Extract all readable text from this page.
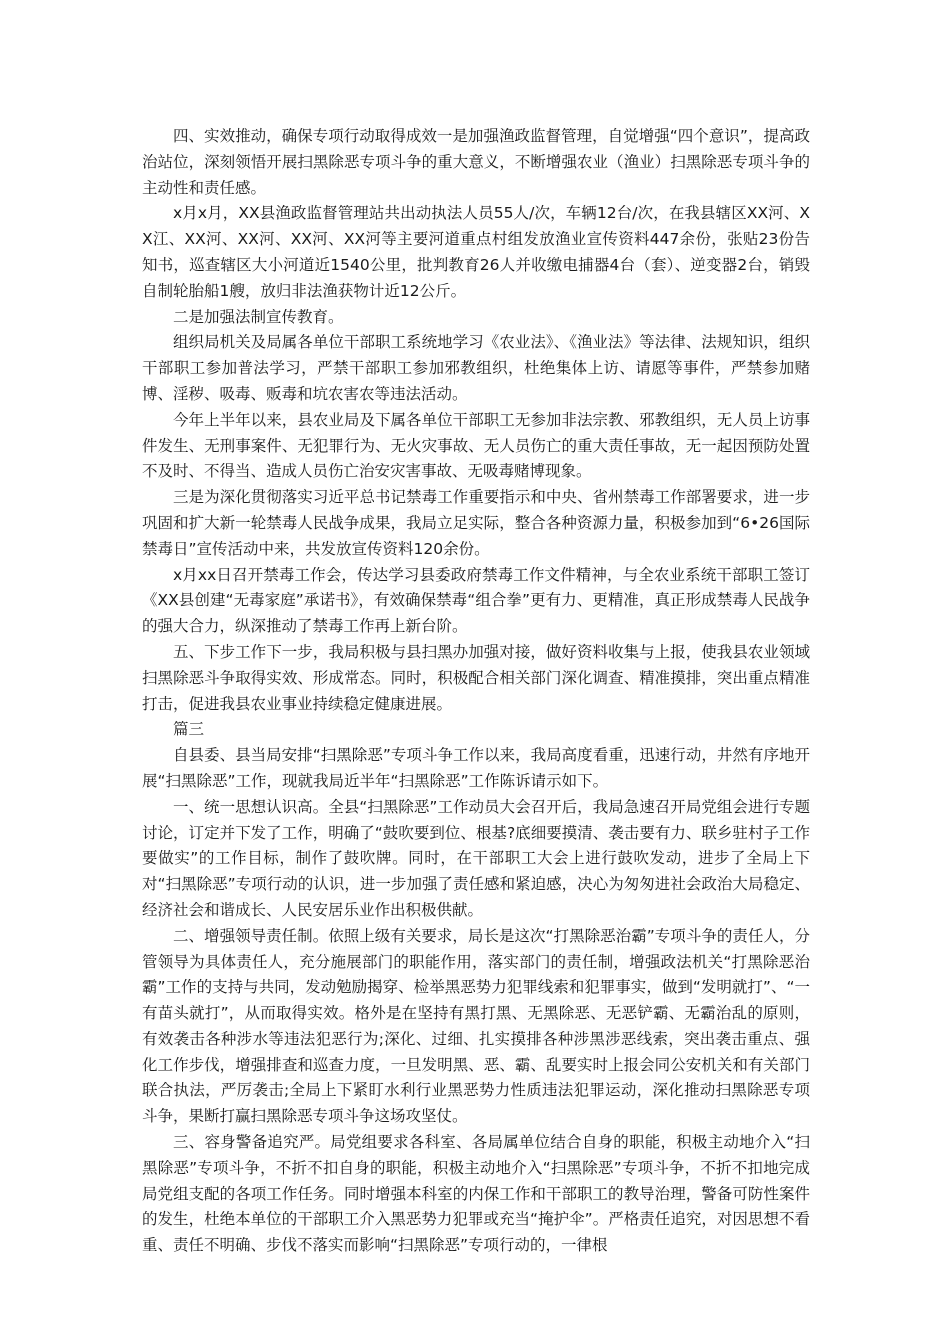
四、实效推动，确保专项行动取得成效一是加强渔政监督管理，自觉增强“四个意识”，提高政治站位，深刻领悟开展扫黑除恶专项斗争的重大意义，不断增强农业（渔业）扫黑除恶专项斗争的主动性和责任感。

x月x月，XX县渔政监督管理站共出动执法人员55人/次，车辆12台/次，在我县辖区XX河、XX江、XX河、XX河、XX河、XX河等主要河道重点村组发放渔业宣传资料447余份，张贴23份告知书，巡查辖区大小河道近1540公里，批判教育26人并收缴电捕器4台（套）、逆变器2台，销毁自制轮胎船1艘，放归非法渔获物计近12公斤。

二是加强法制宣传教育。

组织局机关及局属各单位干部职工系统地学习《农业法》、《渔业法》等法律、法规知识，组织干部职工参加普法学习，严禁干部职工参加邪教组织，杜绝集体上访、请愿等事件，严禁参加赌博、淫秽、吸毒、贩毒和坑农害农等违法活动。

今年上半年以来，县农业局及下属各单位干部职工无参加非法宗教、邪教组织，无人员上访事件发生、无刑事案件、无犯罪行为、无火灾事故、无人员伤亡的重大责任事故，无一起因预防处置不及时、不得当、造成人员伤亡治安灾害事故、无吸毒赌博现象。

三是为深化贯彻落实习近平总书记禁毒工作重要指示和中央、省州禁毒工作部署要求，进一步巩固和扩大新一轮禁毒人民战争成果，我局立足实际，整合各种资源力量，积极参加到“6•26国际禁毒日”宣传活动中来，共发放宣传资料120余份。

x月xx日召开禁毒工作会，传达学习县委政府禁毒工作文件精神，与全农业系统干部职工签订《XX县创建“无毒家庭”承诺书》，有效确保禁毒“组合拳”更有力、更精准，真正形成禁毒人民战争的强大合力，纵深推动了禁毒工作再上新台阶。

五、下步工作下一步，我局积极与县扫黑办加强对接，做好资料收集与上报，使我县农业领域扫黑除恶斗争取得实效、形成常态。同时，积极配合相关部门深化调查、精准摸排，突出重点精准打击，促进我县农业事业持续稳定健康进展。

篇三

自县委、县当局安排“扫黑除恶”专项斗争工作以来，我局高度看重，迅速行动，井然有序地开展“扫黑除恶”工作，现就我局近半年“扫黑除恶”工作陈诉请示如下。

一、统一思想认识高。全县“扫黑除恶”工作动员大会召开后，我局急速召开局党组会进行专题讨论，订定并下发了工作，明确了“鼓吹要到位、根基?底细要摸清、袭击要有力、联乡驻村子工作要做实”的工作目标，制作了鼓吹牌。同时，在干部职工大会上进行鼓吹发动，进步了全局上下对“扫黑除恶”专项行动的认识，进一步加强了责任感和紧迫感，决心为匆匆进社会政治大局稳定、经济社会和谐成长、人民安居乐业作出积极供献。

二、增强领导责任制。依照上级有关要求，局长是这次“打黑除恶治霸”专项斗争的责任人，分管领导为具体责任人，充分施展部门的职能作用，落实部门的责任制，增强政法机关“打黑除恶治霸”工作的支持与共同，发动勉励揭穿、检举黑恶势力犯罪线索和犯罪事实，做到“发明就打”、“一有苗头就打”，从而取得实效。格外是在坚持有黑打黑、无黑除恶、无恶铲霸、无霸治乱的原则，有效袭击各种涉水等违法犯恶行为;深化、过细、扎实摸排各种涉黑涉恶线索，突出袭击重点、强化工作步伐，增强排查和巡查力度，一旦发明黑、恶、霸、乱要实时上报会同公安机关和有关部门联合执法，严厉袭击;全局上下紧盯水利行业黑恶势力性质违法犯罪运动，深化推动扫黑除恶专项斗争，果断打赢扫黑除恶专项斗争这场攻坚仗。

三、容身警备追究严。局党组要求各科室、各局属单位结合自身的职能，积极主动地介入“扫黑除恶”专项斗争，不折不扣自身的职能，积极主动地介入“扫黑除恶”专项斗争，不折不扣地完成局党组支配的各项工作任务。同时增强本科室的内保工作和干部职工的教导治理，警备可防性案件的发生，杜绝本单位的干部职工介入黑恶势力犯罪或充当“掩护伞”。严格责任追究，对因思想不看重、责任不明确、步伐不落实而影响“扫黑除恶”专项行动的，一律根
